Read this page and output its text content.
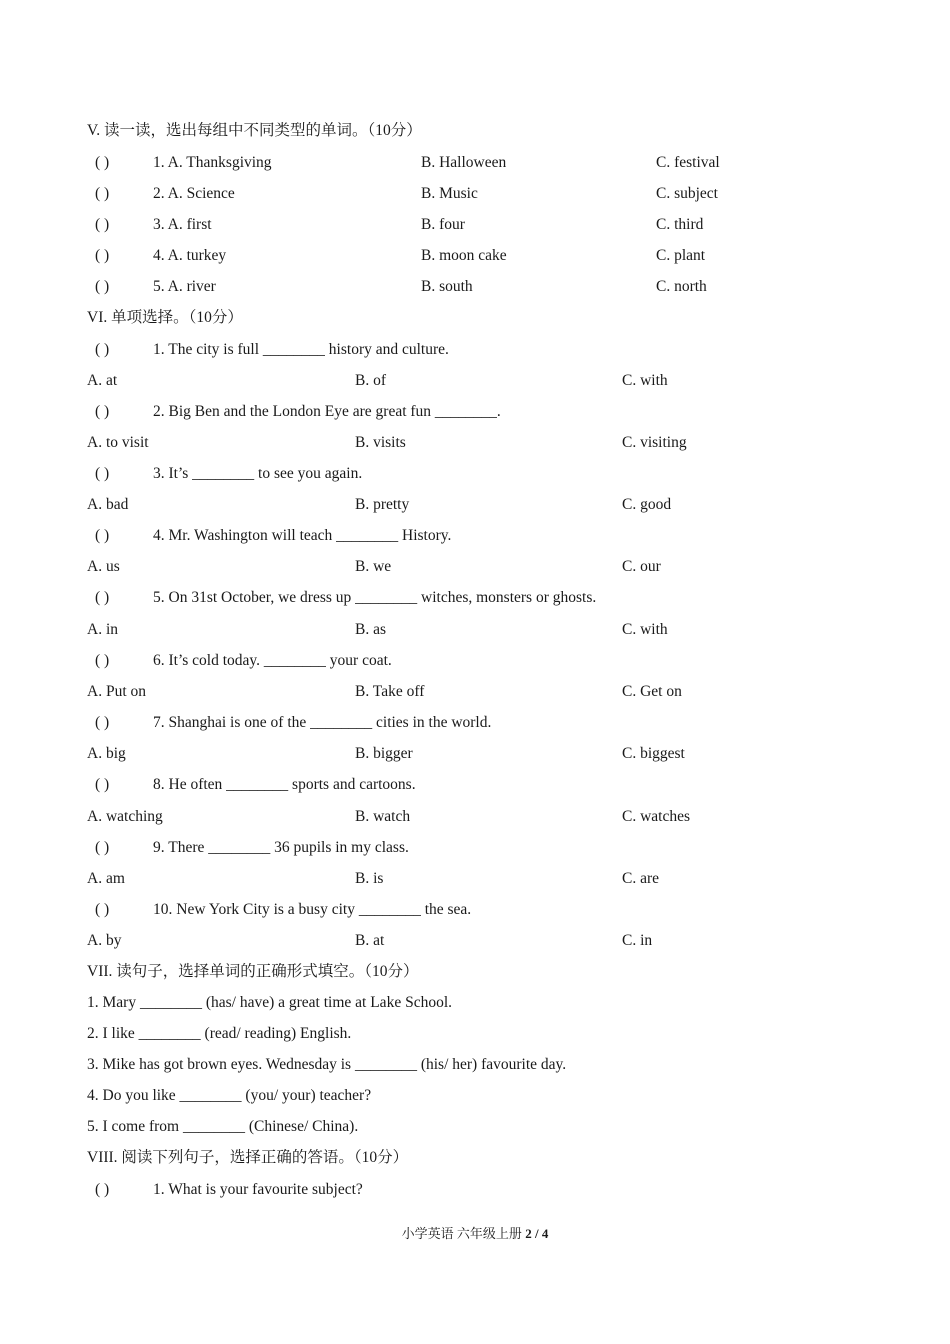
V. 读一读，选出每组中不同类型的单词。（10分）
( )	1. A. Thanksgiving	B. Halloween	C. festival
( )	2. A. Science	B. Music	C. subject
( )	3. A. first	B. four	C. third
( )	4. A. turkey	B. moon cake	C. plant
( )	5. A. river	B. south	C. north
VI. 单项选择。（10分）
( )	1. The city is full ________ history and culture.
A. at	B. of	C. with
( )	2. Big Ben and the London Eye are great fun ________.
A. to visit	B. visits	C. visiting
( )	3. It’s ________ to see you again.
A. bad	B. pretty	C. good
( )	4. Mr. Washington will teach ________ History.
A. us	B. we	C. our
( )	5. On 31st October, we dress up ________ witches, monsters or ghosts.
A. in	B. as	C. with
( )	6. It’s cold today. ________ your coat.
A. Put on	B. Take off	C. Get on
( )	7. Shanghai is one of the ________ cities in the world.
A. big	B. bigger	C. biggest
( )	8. He often ________ sports and cartoons.
A. watching	B. watch	C. watches
( )	9. There ________ 36 pupils in my class.
A. am	B. is	C. are
( )	10. New York City is a busy city ________ the sea.
A. by	B. at	C. in
VII. 读句子，选择单词的正确形式填空。（10分）
1. Mary ________ (has/ have) a great time at Lake School.
2. I like ________ (read/ reading) English.
3. Mike has got brown eyes. Wednesday is ________ (his/ her) favourite day.
4. Do you like ________ (you/ your) teacher?
5. I come from ________ (Chinese/ China).
VIII. 阅读下列句子，选择正确的答语。（10分）
( )	1. What is your favourite subject?
小学英语 六年级上册 2 / 4
